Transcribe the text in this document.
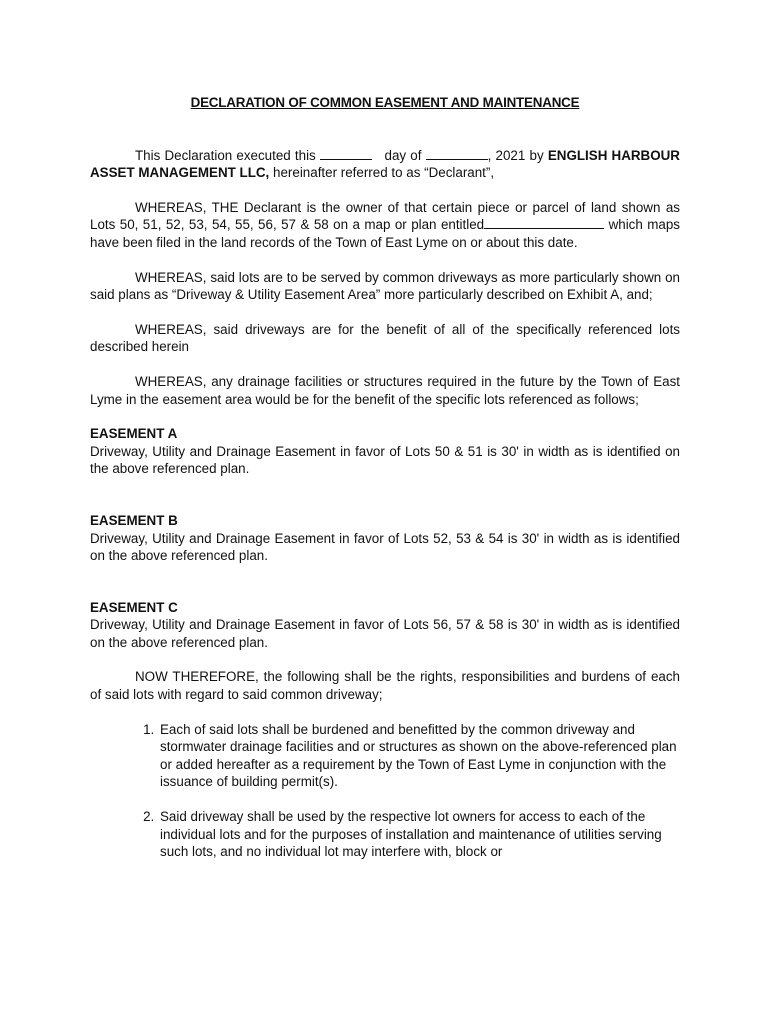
DECLARATION OF COMMON EASEMENT AND MAINTENANCE

This Declaration executed this	day of	, 2021 by ENGLISH HARBOUR ASSET MANAGEMENT LLC, hereinafter referred to as “Declarant”,

WHEREAS, THE Declarant is the owner of that certain piece or parcel of land shown as Lots 50, 51, 52, 53, 54, 55, 56, 57 & 58 on a map or plan entitled	which maps have been filed in the land records of the Town of East Lyme on or about this date.

WHEREAS, said lots are to be served by common driveways as more particularly shown on said plans as “Driveway & Utility Easement Area” more particularly described on Exhibit A, and;

WHEREAS, said driveways are for the benefit of all of the specifically referenced lots described herein

WHEREAS, any drainage facilities or structures required in the future by the Town of East Lyme in the easement area would be for the benefit of the specific lots referenced as follows;

EASEMENT A

Driveway, Utility and Drainage Easement in favor of Lots 50 & 51 is 30' in width as is identified on the above referenced plan.

EASEMENT B

Driveway, Utility and Drainage Easement in favor of Lots 52, 53 & 54 is 30' in width as is identified on the above referenced plan.

EASEMENT C

Driveway, Utility and Drainage Easement in favor of Lots 56, 57 & 58 is 30' in width as is identified on the above referenced plan.

NOW THEREFORE, the following shall be the rights, responsibilities and burdens of each of said lots with regard to said common driveway;

1. Each of said lots shall be burdened and benefitted by the common driveway and stormwater drainage facilities and or structures as shown on the above-referenced plan or added hereafter as a requirement by the Town of East Lyme in conjunction with the issuance of building permit(s).
2. Said driveway shall be used by the respective lot owners for access to each of the individual lots and for the purposes of installation and maintenance of utilities serving such lots, and no individual lot may interfere with, block or
